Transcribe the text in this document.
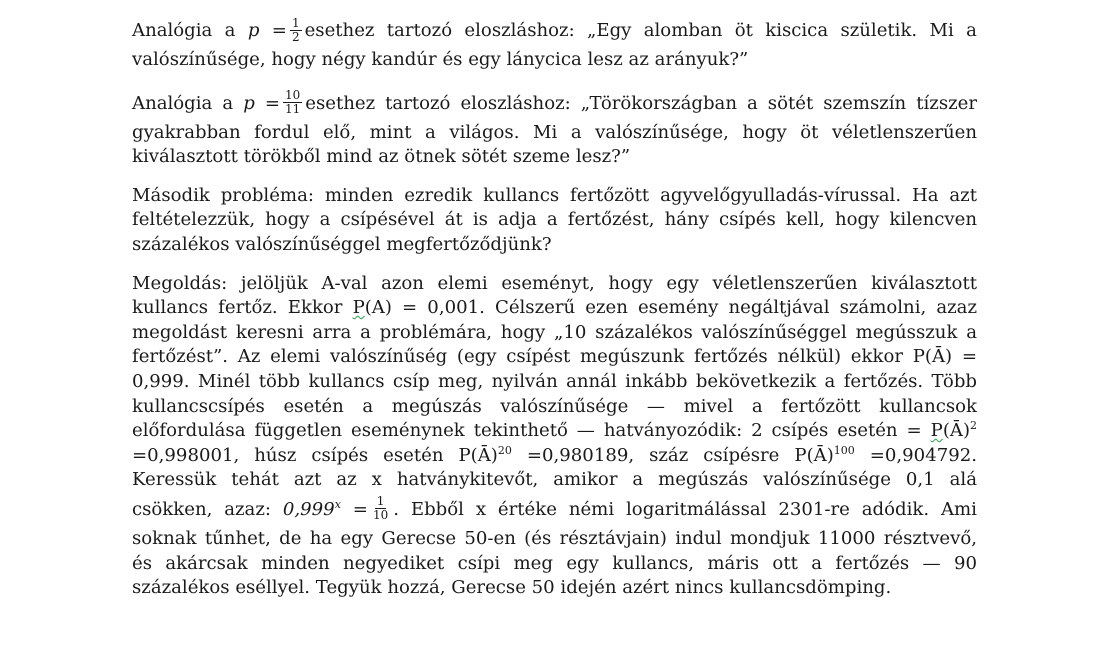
Analógia a $p = \frac{1}{2}$ esethez tartozó eloszláshoz: „Egy alomban öt kiscica születik. Mi a
valószínűsége, hogy négy kandúr és egy lánycica lesz az arányuk?”

Analógia a $p = \frac{10}{11}$ esethez tartozó eloszláshoz: „Törökországban a sötét szemszín tízszer
gyakrabban fordul elő, mint a világos. Mi a valószínűsége, hogy öt véletlenszerűen
kiválasztott törökből mind az ötnek sötét szeme lesz?”

Második probléma: minden ezredik kullancs fertőzött agyvelőgyulladás-vírussal. Ha azt
feltételezzük, hogy a csípésével át is adja a fertőzést, hány csípés kell, hogy kilencven
százalékos valószínűséggel megfertőződjünk?

Megoldás: jelöljük A-val azon elemi eseményt, hogy egy véletlenszerűen kiválasztott
kullancs fertőz. Ekkor P(A) = 0,001. Célszerű ezen esemény negáltjával számolni, azaz
megoldást keresni arra a problémára, hogy „10 százalékos valószínűséggel megússzuk a
fertőzést”. Az elemi valószínűség (egy csípést megúszunk fertőzés nélkül) ekkor P(Ā) =
0,999. Minél több kullancs csíp meg, nyilván annál inkább bekövetkezik a fertőzés. Több
kullancscsípés esetén a megúszás valószínűsége — mivel a fertőzött kullancsok
előfordulása független eseménynek tekinthető — hatványozódik: 2 csípés esetén = P(Ā)$^2$
=0,998001, húsz csípés esetén P(Ā)$^{20}$ =0,980189, száz csípésre P(Ā)$^{100}$ =0,904792.
Keressük tehát azt az x hatványkitevőt, amikor a megúszás valószínűsége 0,1 alá
csökken, azaz: $0,999^x = \frac{1}{10}$ . Ebből x értéke némi logaritmálással 2301-re adódik. Ami
soknak tűnhet, de ha egy Gerecse 50-en (és résztávjain) indul mondjuk 11000 résztvevő,
és akárcsak minden negyediket csípi meg egy kullancs, máris ott a fertőzés — 90
százalékos eséllyel. Tegyük hozzá, Gerecse 50 idején azért nincs kullancsdömping.
